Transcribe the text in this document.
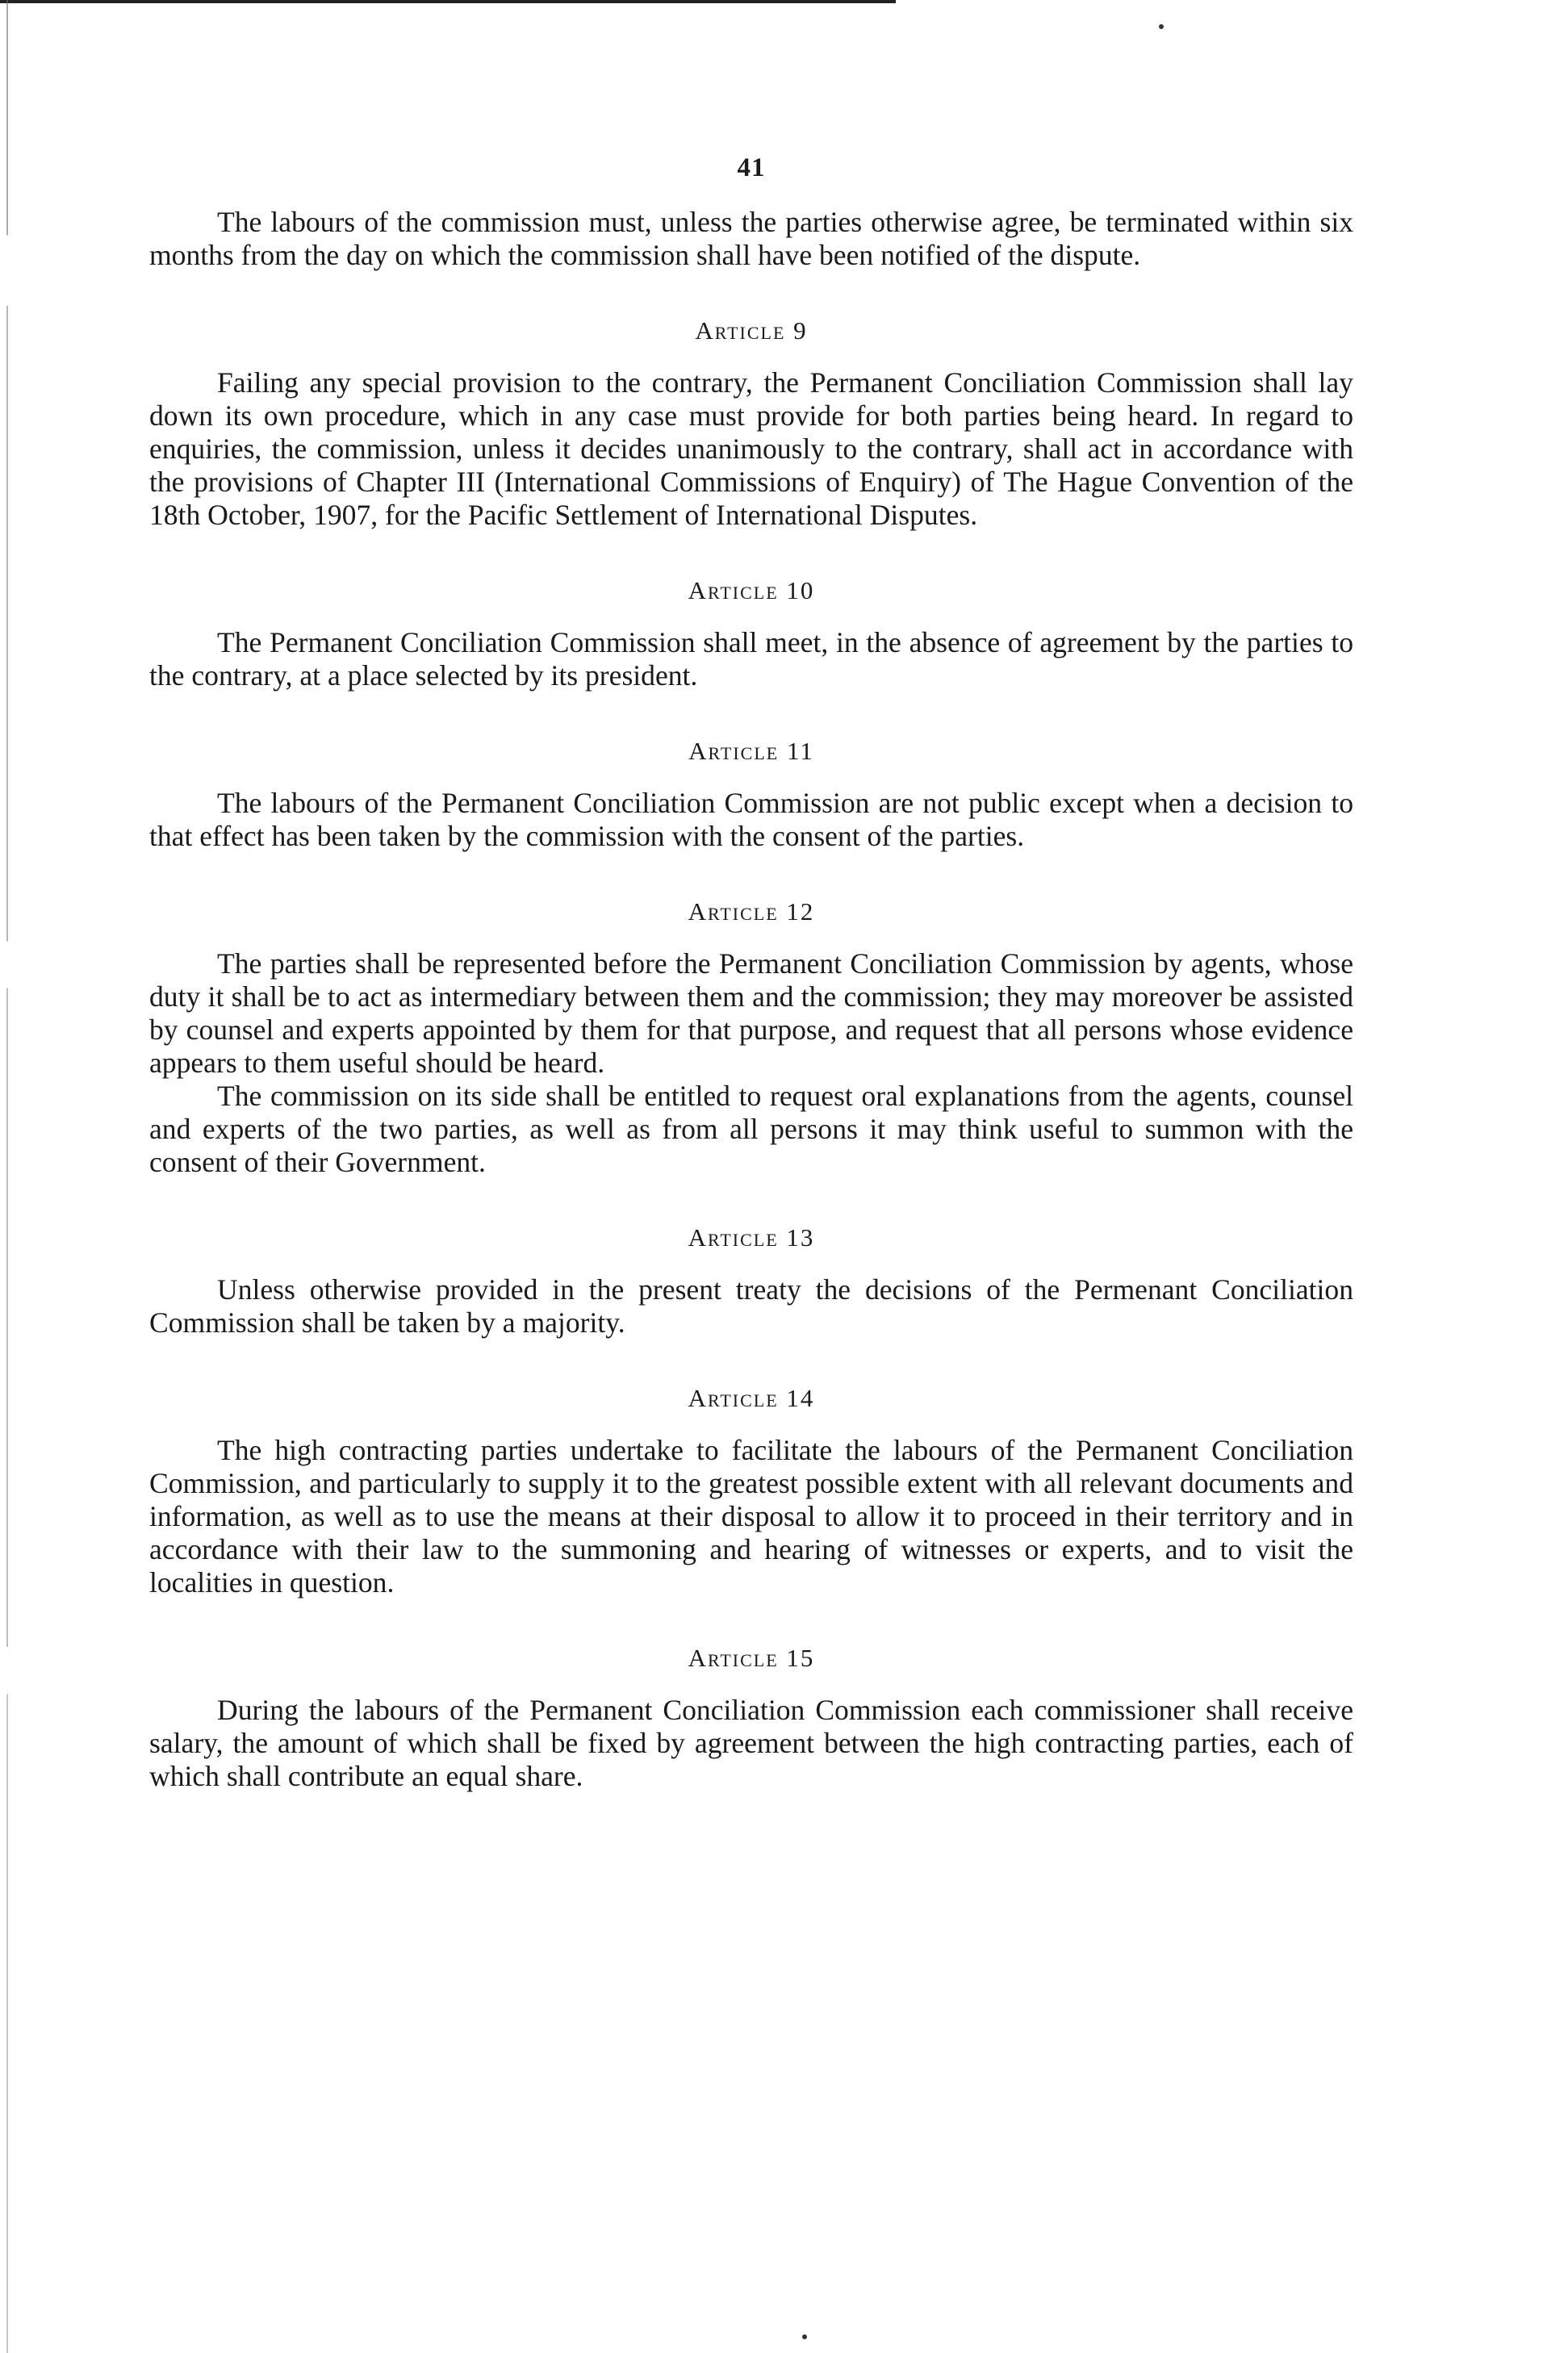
41

The labours of the commission must, unless the parties otherwise agree, be terminated within six months from the day on which the commission shall have been notified of the dispute.

Article 9

Failing any special provision to the contrary, the Permanent Conciliation Commission shall lay down its own procedure, which in any case must provide for both parties being heard. In regard to enquiries, the commission, unless it decides unanimously to the contrary, shall act in accordance with the provisions of Chapter III (International Commissions of Enquiry) of The Hague Convention of the 18th October, 1907, for the Pacific Settlement of International Disputes.

Article 10

The Permanent Conciliation Commission shall meet, in the absence of agreement by the parties to the contrary, at a place selected by its president.

Article 11

The labours of the Permanent Conciliation Commission are not public except when a decision to that effect has been taken by the commission with the consent of the parties.

Article 12

The parties shall be represented before the Permanent Conciliation Commission by agents, whose duty it shall be to act as intermediary between them and the commission; they may moreover be assisted by counsel and experts appointed by them for that purpose, and request that all persons whose evidence appears to them useful should be heard.

The commission on its side shall be entitled to request oral explanations from the agents, counsel and experts of the two parties, as well as from all persons it may think useful to summon with the consent of their Government.

Article 13

Unless otherwise provided in the present treaty the decisions of the Permenant Conciliation Commission shall be taken by a majority.

Article 14

The high contracting parties undertake to facilitate the labours of the Permanent Conciliation Commission, and particularly to supply it to the greatest possible extent with all relevant documents and information, as well as to use the means at their disposal to allow it to proceed in their territory and in accordance with their law to the summoning and hearing of witnesses or experts, and to visit the localities in question.

Article 15

During the labours of the Permanent Conciliation Commission each commissioner shall receive salary, the amount of which shall be fixed by agreement between the high contracting parties, each of which shall contribute an equal share.
